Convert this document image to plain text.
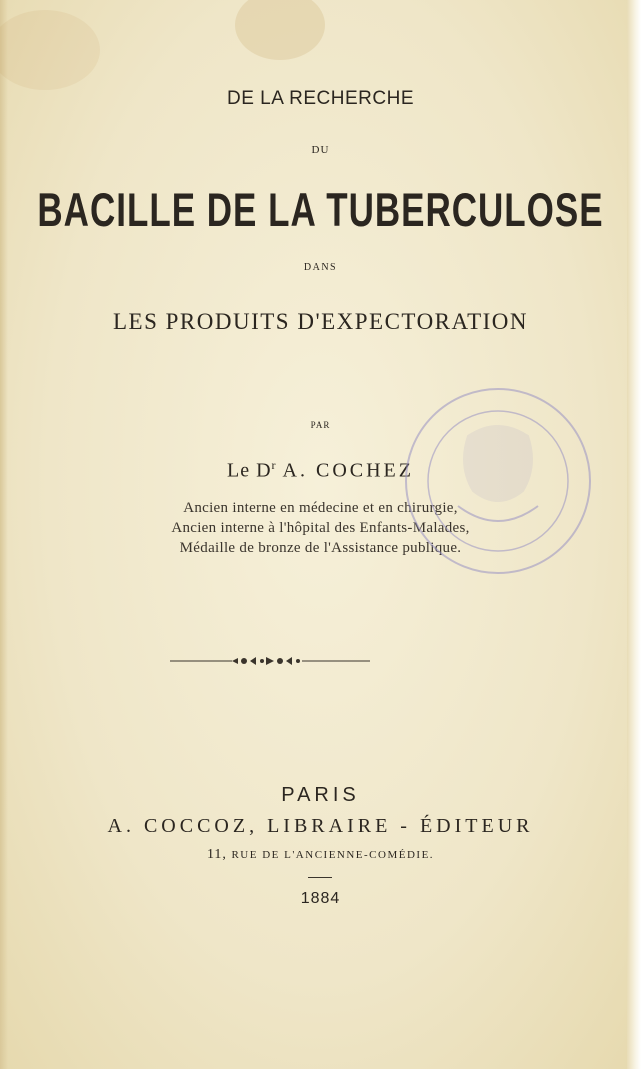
DE LA RECHERCHE
DU
BACILLE DE LA TUBERCULOSE
DANS
LES PRODUITS D'EXPECTORATION
PAR
Le $D^r$ A. COCHEZ
Ancien interne en médecine et en chirurgie,
Ancien interne à l'hôpital des Enfants-Malades,
Médaille de bronze de l'Assistance publique.
PARIS
A. COCCOZ, LIBRAIRE - ÉDITEUR
11, RUE DE L'ANCIENNE-COMÉDIE.
1884
